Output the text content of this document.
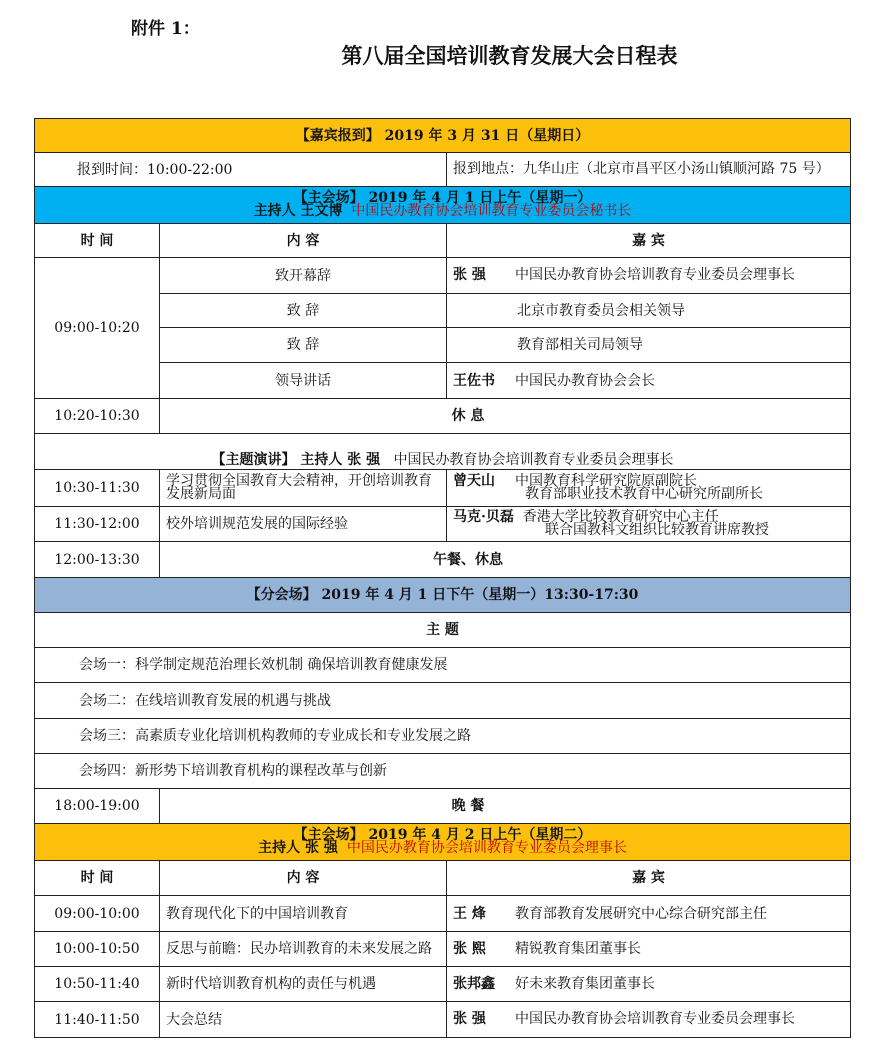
附件 1：
第八届全国培训教育发展大会日程表
【嘉宾报到】 2019 年 3 月 31 日（星期日）		
报到时间：10:00-22:00		报到地点：九华山庄（北京市昌平区小汤山镇顺河路 75 号）

【主会场】 2019 年 4 月 1 日上午（星期一）
主持人 王文博 中国民办教育协会培训教育专业委员会秘书长		

时 间	内 容	嘉 宾
09:00-10:20	致开幕辞	张 强 中国民办教育协会培训教育专业委员会理事长
	致 辞	北京市教育委员会相关领导
	致 辞	教育部相关司局领导
	领导讲话	王佐书 中国民办教育协会会长
10:20-10:30	休 息	
【主题演讲】 主持人 张 强 中国民办教育协会培训教育专业委员会理事长		
10:30-11:30	学习贯彻全国教育大会精神，开创培训教育发展新局面	曾天山 中国教育科学研究院原副院长
教育部职业技术教育中心研究所副所长

11:30-12:00	校外培训规范发展的国际经验	马克·贝磊 香港大学比较教育研究中心主任
联合国教科文组织比较教育讲席教授

12:00-13:30	午餐、休息	
【分会场】 2019 年 4 月 1 日下午（星期一）13:30-17:30		
主 题		
会场一：科学制定规范治理长效机制 确保培训教育健康发展		
会场二：在线培训教育发展的机遇与挑战		
会场三：高素质专业化培训机构教师的专业成长和专业发展之路		
会场四：新形势下培训教育机构的课程改革与创新		
18:00-19:00	晚 餐	

【主会场】 2019 年 4 月 2 日上午（星期二）
主持人 张 强 中国民办教育协会培训教育专业委员会理事长		

时 间	内 容	嘉 宾
09:00-10:00	教育现代化下的中国培训教育	王 烽 教育部教育发展研究中心综合研究部主任
10:00-10:50	反思与前瞻：民办培训教育的未来发展之路	张 熙 精锐教育集团董事长
10:50-11:40	新时代培训教育机构的责任与机遇	张邦鑫 好未来教育集团董事长
11:40-11:50	大会总结	张 强 中国民办教育协会培训教育专业委员会理事长
